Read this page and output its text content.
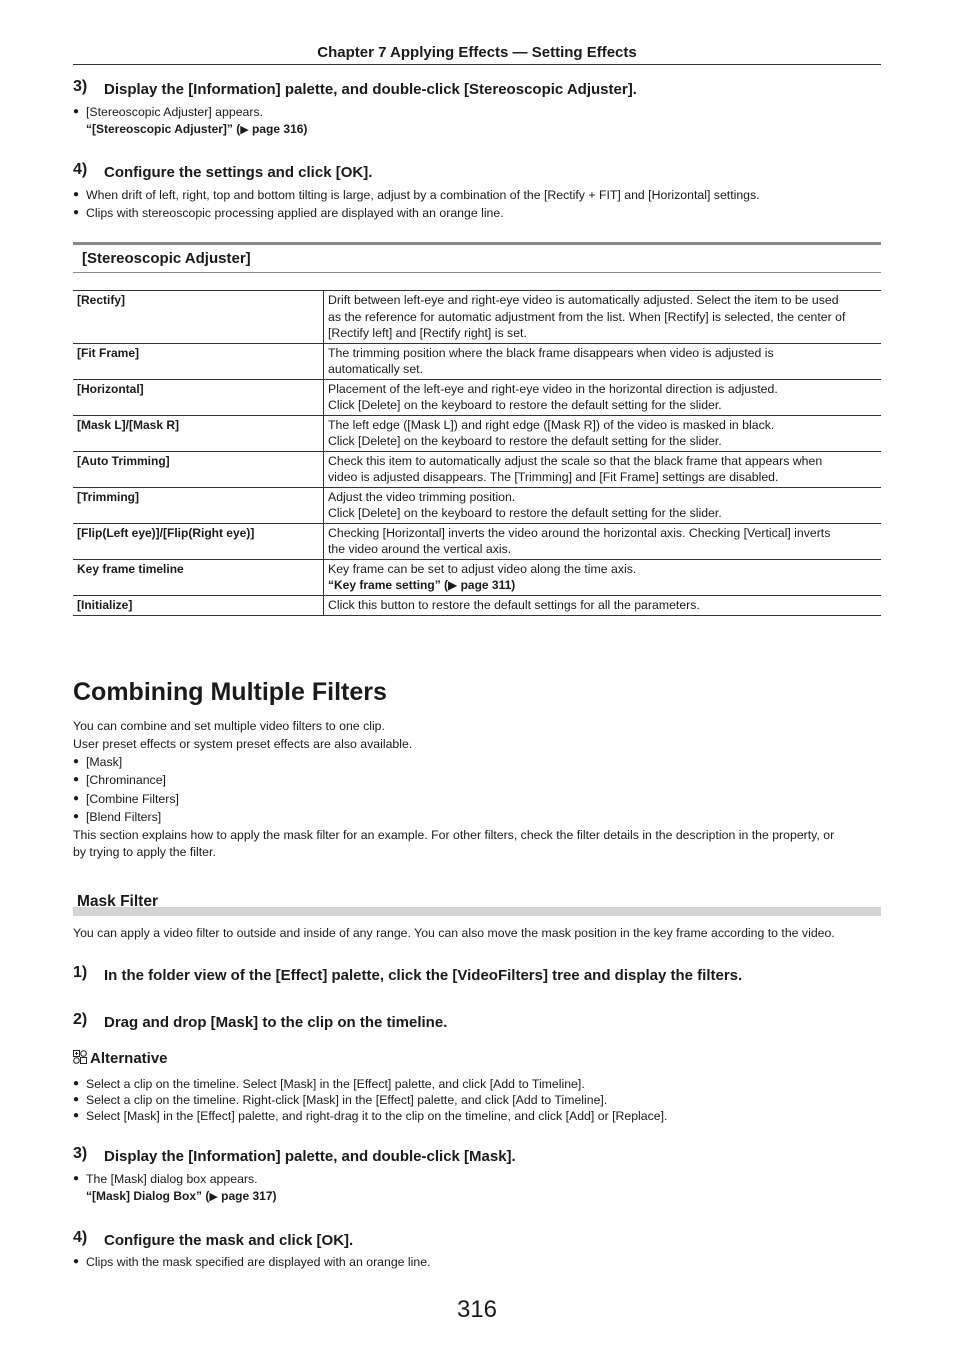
Chapter 7 Applying Effects — Setting Effects
3) Display the [Information] palette, and double-click [Stereoscopic Adjuster].
● [Stereoscopic Adjuster] appears.
“[Stereoscopic Adjuster]” (▶ page 316)
4) Configure the settings and click [OK].
● When drift of left, right, top and bottom tilting is large, adjust by a combination of the [Rectify + FIT] and [Horizontal] settings.
● Clips with stereoscopic processing applied are displayed with an orange line.
[Stereoscopic Adjuster]
[Rectify]	Drift between left-eye and right-eye video is automatically adjusted. Select the item to be used
as the reference for automatic adjustment from the list. When [Rectify] is selected, the center of
[Rectify left] and [Rectify right] is set.

[Fit Frame]	The trimming position where the black frame disappears when video is adjusted is
automatically set.

[Horizontal]	Placement of the left-eye and right-eye video in the horizontal direction is adjusted.
Click [Delete] on the keyboard to restore the default setting for the slider.

[Mask L]/[Mask R]	The left edge ([Mask L]) and right edge ([Mask R]) of the video is masked in black.
Click [Delete] on the keyboard to restore the default setting for the slider.

[Auto Trimming]	Check this item to automatically adjust the scale so that the black frame that appears when
video is adjusted disappears. The [Trimming] and [Fit Frame] settings are disabled.

[Trimming]	Adjust the video trimming position.
Click [Delete] on the keyboard to restore the default setting for the slider.

[Flip(Left eye)]/[Flip(Right eye)]	Checking [Horizontal] inverts the video around the horizontal axis. Checking [Vertical] inverts
the video around the vertical axis.

Key frame timeline	Key frame can be set to adjust video along the time axis.
“Key frame setting” (▶ page 311)

[Initialize]	Click this button to restore the default settings for all the parameters.
Combining Multiple Filters
You can combine and set multiple video filters to one clip.
User preset effects or system preset effects are also available.
● [Mask]
● [Chrominance]
● [Combine Filters]
● [Blend Filters]
This section explains how to apply the mask filter for an example. For other filters, check the filter details in the description in the property, or
by trying to apply the filter.
Mask Filter
You can apply a video filter to outside and inside of any range. You can also move the mask position in the key frame according to the video.
1) In the folder view of the [Effect] palette, click the [VideoFilters] tree and display the filters.
2) Drag and drop [Mask] to the clip on the timeline.
Alternative
● Select a clip on the timeline. Select [Mask] in the [Effect] palette, and click [Add to Timeline].
● Select a clip on the timeline. Right-click [Mask] in the [Effect] palette, and click [Add to Timeline].
● Select [Mask] in the [Effect] palette, and right-drag it to the clip on the timeline, and click [Add] or [Replace].
3) Display the [Information] palette, and double-click [Mask].
● The [Mask] dialog box appears.
“[Mask] Dialog Box” (▶ page 317)
4) Configure the mask and click [OK].
● Clips with the mask specified are displayed with an orange line.
316
